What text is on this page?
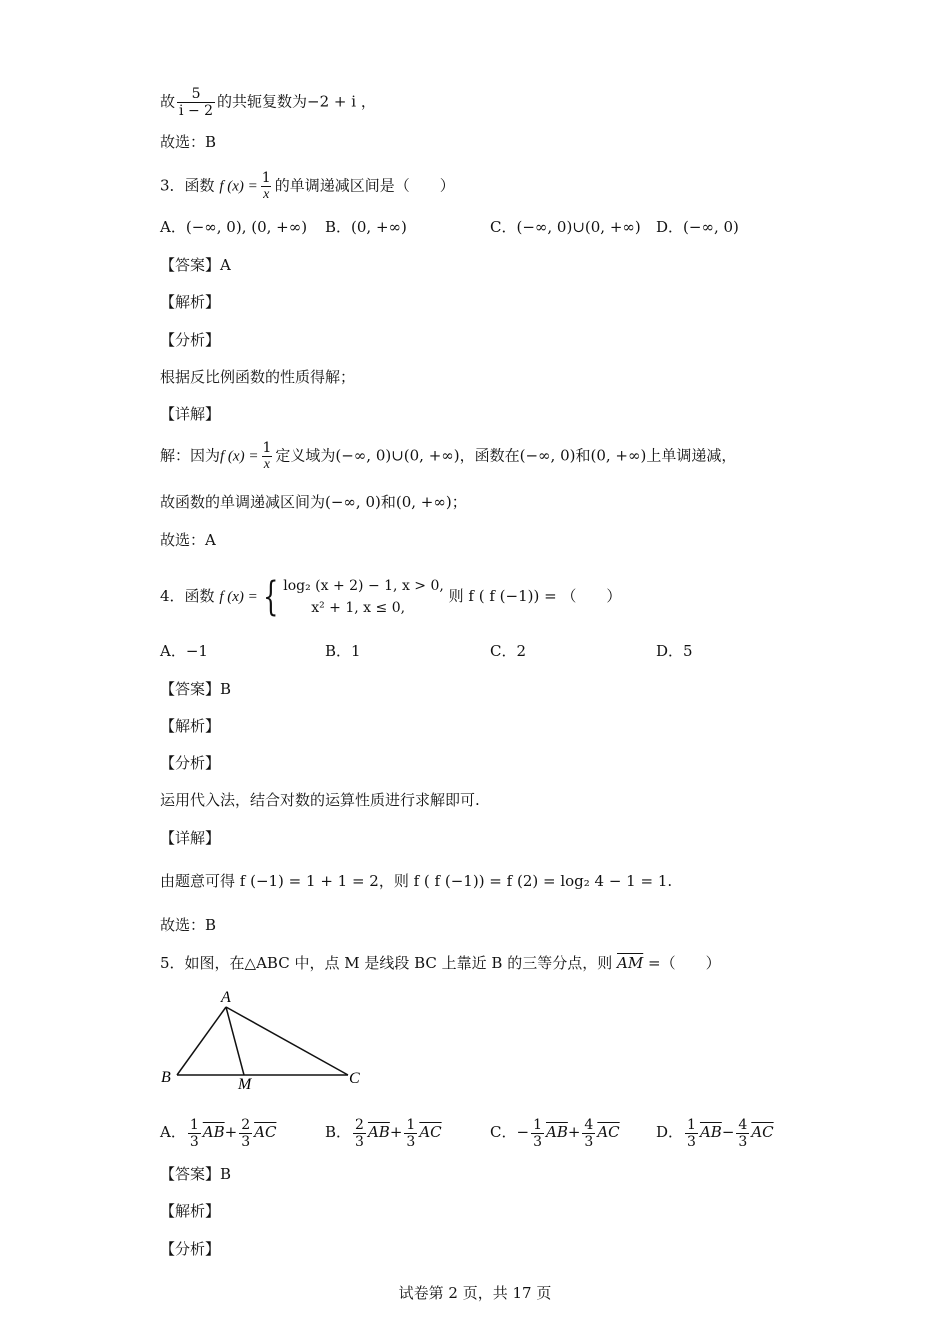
故 $\frac{5}{i - 2}$ 的共轭复数为−2 + i ，
故选：B
3．函数 f $(x) = \frac{1}{x}$ 的单调递减区间是（　　）
A．(−∞, 0), (0, +∞) B．(0, +∞)	C．(−∞, 0)∪(0, +∞) D．(−∞, 0)
【答案】A
【解析】
【分析】
根据反比例函数的性质得解；
【详解】
解：因为f $(x) = \frac{1}{x}$ 定义域为(−∞, 0)∪(0, +∞)，函数在(−∞, 0)和(0, +∞)上单调递减，
故函数的单调递减区间为(−∞, 0)和(0, +∞)；
故选：A
4．函数 f (x) = { log₂ (x + 2) − 1, x > 0,
x² + 1, x ≤ 0,
则 f ( f (−1)) = （　　）
A．−1	B．1	C．2	D．5
【答案】B
【解析】
【分析】
运用代入法，结合对数的运算性质进行求解即可.
【详解】
由题意可得 f (−1) = 1 + 1 = 2，则 f ( f (−1)) = f (2) = log₂ 4 − 1 = 1.
故选：B
5．如图，在△ABC 中，点 M 是线段 BC 上靠近 B 的三等分点，则 $\overline{AM}$ =（　　）
A
B	M	C
A． $\frac{1}{3} \overline{AB}+ \frac{2}{3} \overline{AC}$	B． $\frac{2}{3} \overline{AB}+ \frac{1}{3} \overline{AC}$	C．− $\frac{1}{3} \overline{AB}+ \frac{4}{3} \overline{AC}$ D． $\frac{1}{3} \overline{AB}- \frac{4}{3} \overline{AC}$
【答案】B
【解析】
【分析】
试卷第 2 页，共 17 页
